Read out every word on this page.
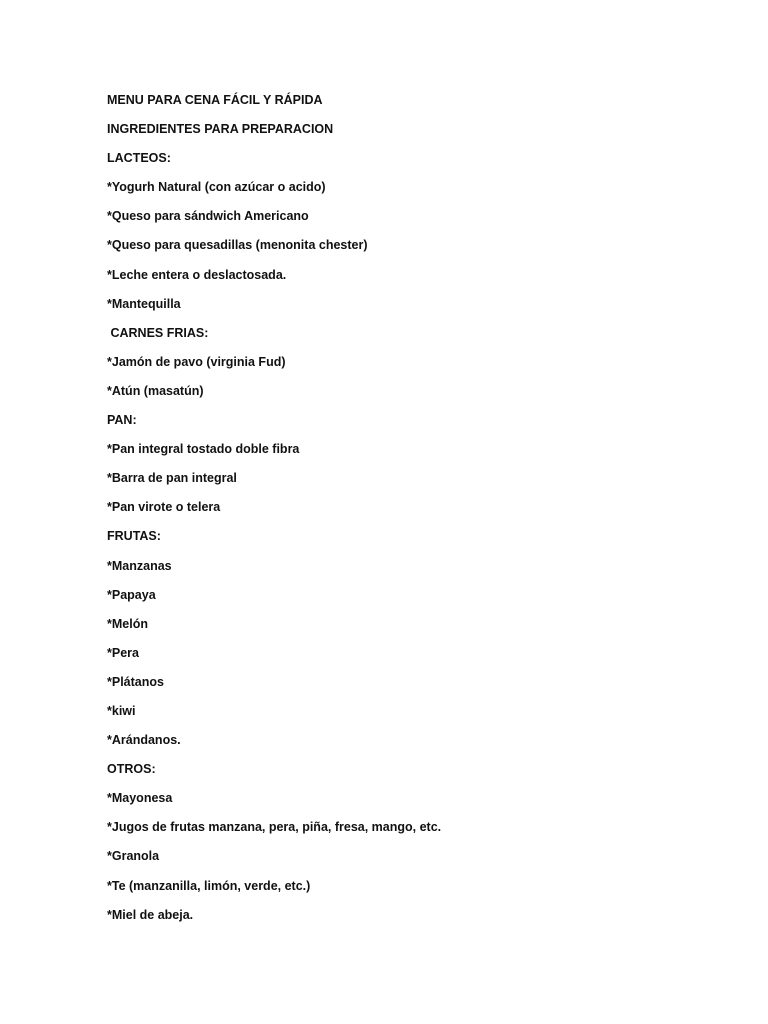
MENU PARA CENA FÁCIL Y RÁPIDA
INGREDIENTES PARA PREPARACION
LACTEOS:
*Yogurh Natural (con azúcar o acido)
*Queso para sándwich Americano
*Queso para quesadillas (menonita chester)
*Leche entera o deslactosada.
*Mantequilla
CARNES FRIAS:
*Jamón de pavo (virginia Fud)
*Atún (masatún)
PAN:
*Pan integral tostado doble fibra
*Barra de pan integral
*Pan virote o telera
FRUTAS:
*Manzanas
*Papaya
*Melón
*Pera
*Plátanos
*kiwi
*Arándanos.
OTROS:
*Mayonesa
*Jugos de frutas manzana, pera, piña, fresa, mango, etc.
*Granola
*Te (manzanilla, limón, verde, etc.)
*Miel de abeja.
